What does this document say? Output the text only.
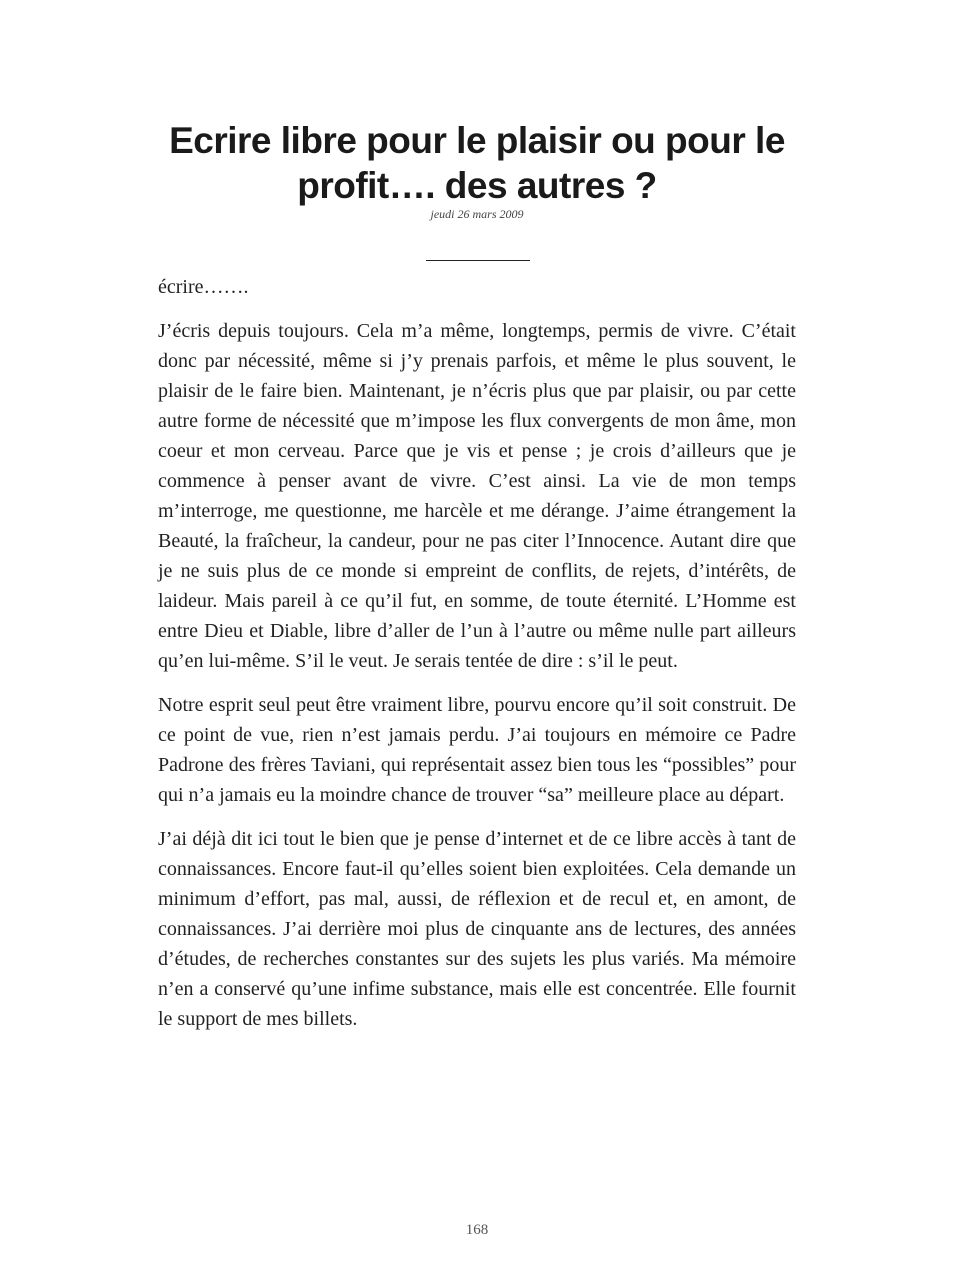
Ecrire libre pour le plaisir ou pour le profit…. des autres ?
jeudi 26 mars 2009

écrire…….

J’écris depuis toujours. Cela m’a même, longtemps, permis de vivre. C’était donc par nécessité, même si j’y prenais parfois, et même le plus souvent, le plaisir de le faire bien. Maintenant, je n’écris plus que par plaisir, ou par cette autre forme de nécessité que m’impose les flux convergents de mon âme, mon coeur et mon cerveau. Parce que je vis et pense ; je crois d’ailleurs que je commence à penser avant de vivre. C’est ainsi. La vie de mon temps m’interroge, me questionne, me harcèle et me dérange. J’aime étrangement la Beauté, la fraîcheur, la candeur, pour ne pas citer l’Innocence. Autant dire que je ne suis plus de ce monde si empreint de conflits, de rejets, d’intérêts, de laideur. Mais pareil à ce qu’il fut, en somme, de toute éternité. L’Homme est entre Dieu et Diable, libre d’aller de l’un à l’autre ou même nulle part ailleurs qu’en lui-même. S’il le veut. Je serais tentée de dire : s’il le peut.

Notre esprit seul peut être vraiment libre, pourvu encore qu’il soit construit. De ce point de vue, rien n’est jamais perdu. J’ai toujours en mémoire ce Padre Padrone des frères Taviani, qui représentait assez bien tous les “possibles” pour qui n’a jamais eu la moindre chance de trouver “sa” meilleure place au départ.

J’ai déjà dit ici tout le bien que je pense d’internet et de ce libre accès à tant de connaissances. Encore faut-il qu’elles soient bien exploitées. Cela demande un minimum d’effort, pas mal, aussi, de réflexion et de recul et, en amont, de connaissances. J’ai derrière moi plus de cinquante ans de lectures, des années d’études, de recherches constantes sur des sujets les plus variés. Ma mémoire n’en a conservé qu’une infime substance, mais elle est concentrée. Elle fournit le support de mes billets.

168
